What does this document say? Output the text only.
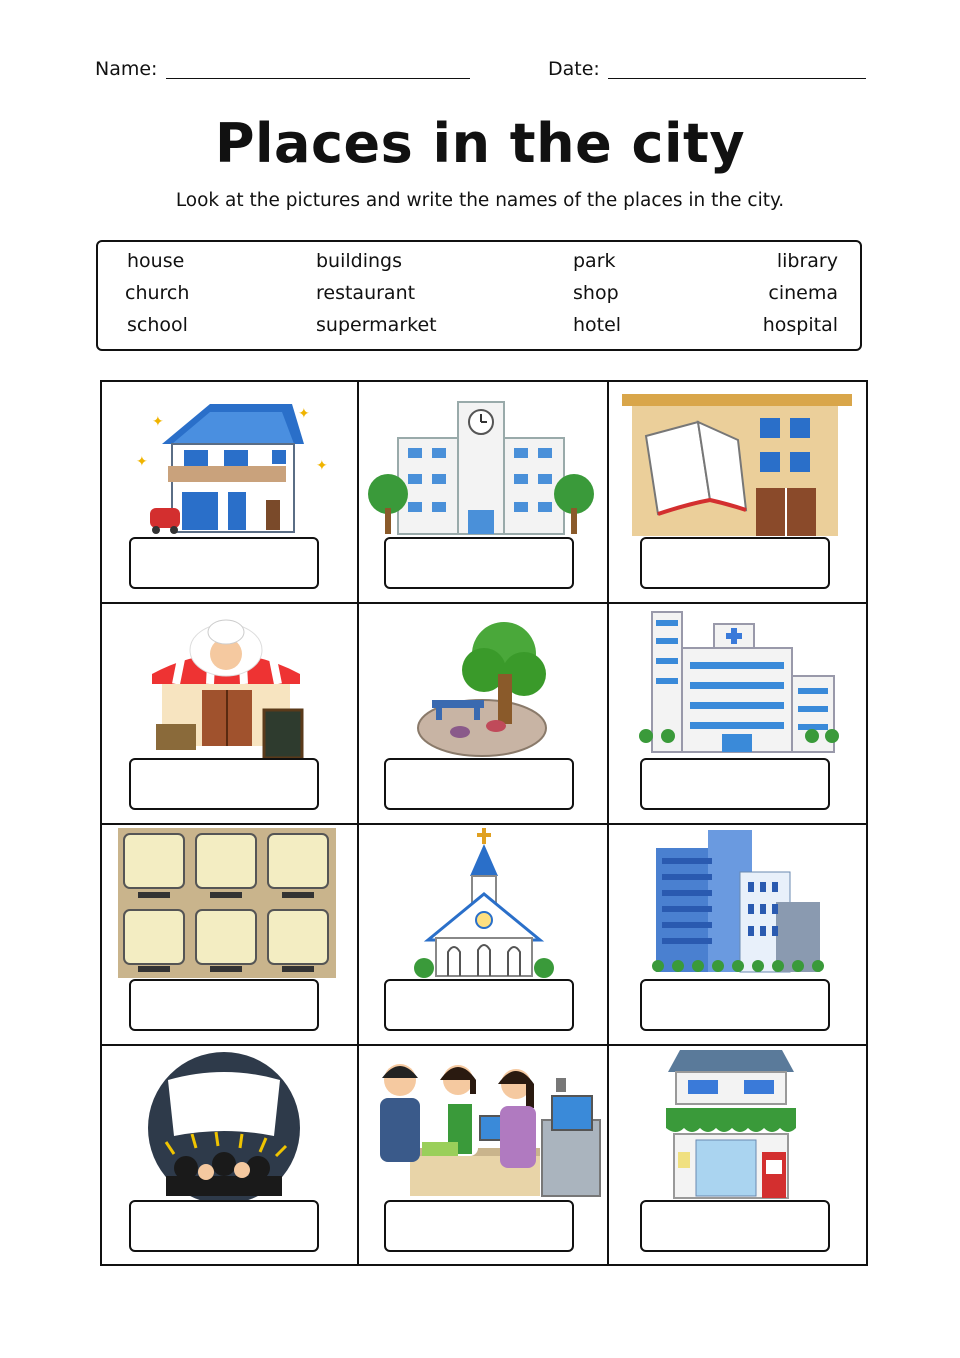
Name:	Date:
Places in the city
Look at the pictures and write the names of the places in the city.
house	buildings	park	library
church	restaurant	shop	cinema
school	supermarket	hotel	hospital
✦
✦
✦
✦
